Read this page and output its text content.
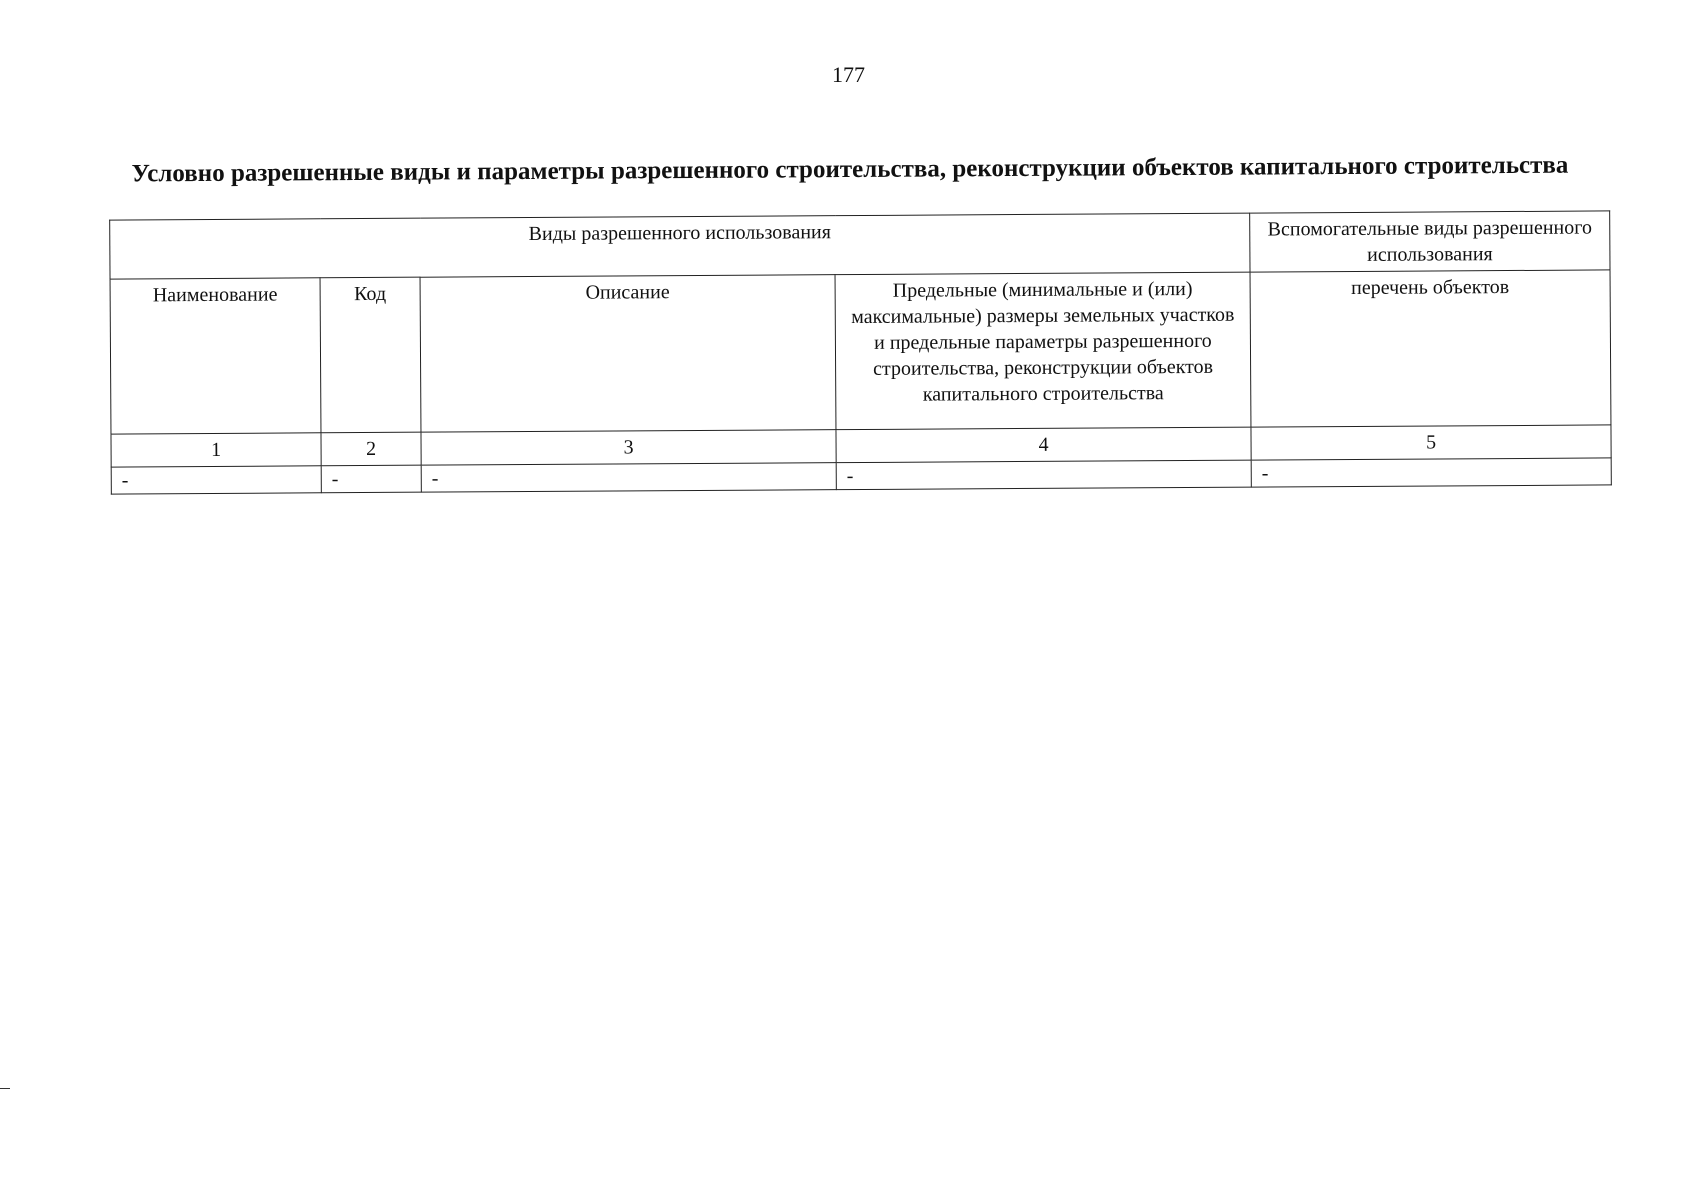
177
Условно разрешенные виды и параметры разрешенного строительства, реконструкции объектов капитального строительства
Виды разрешенного использования				Вспомогательные виды разрешенного использования
Наименование	Код	Описание	Предельные (минимальные и (или) максимальные) размеры земельных участков и предельные параметры разрешенного строительства, реконструкции объектов капитального строительства	перечень объектов
1	2	3	4	5
-	-	-	-	-
